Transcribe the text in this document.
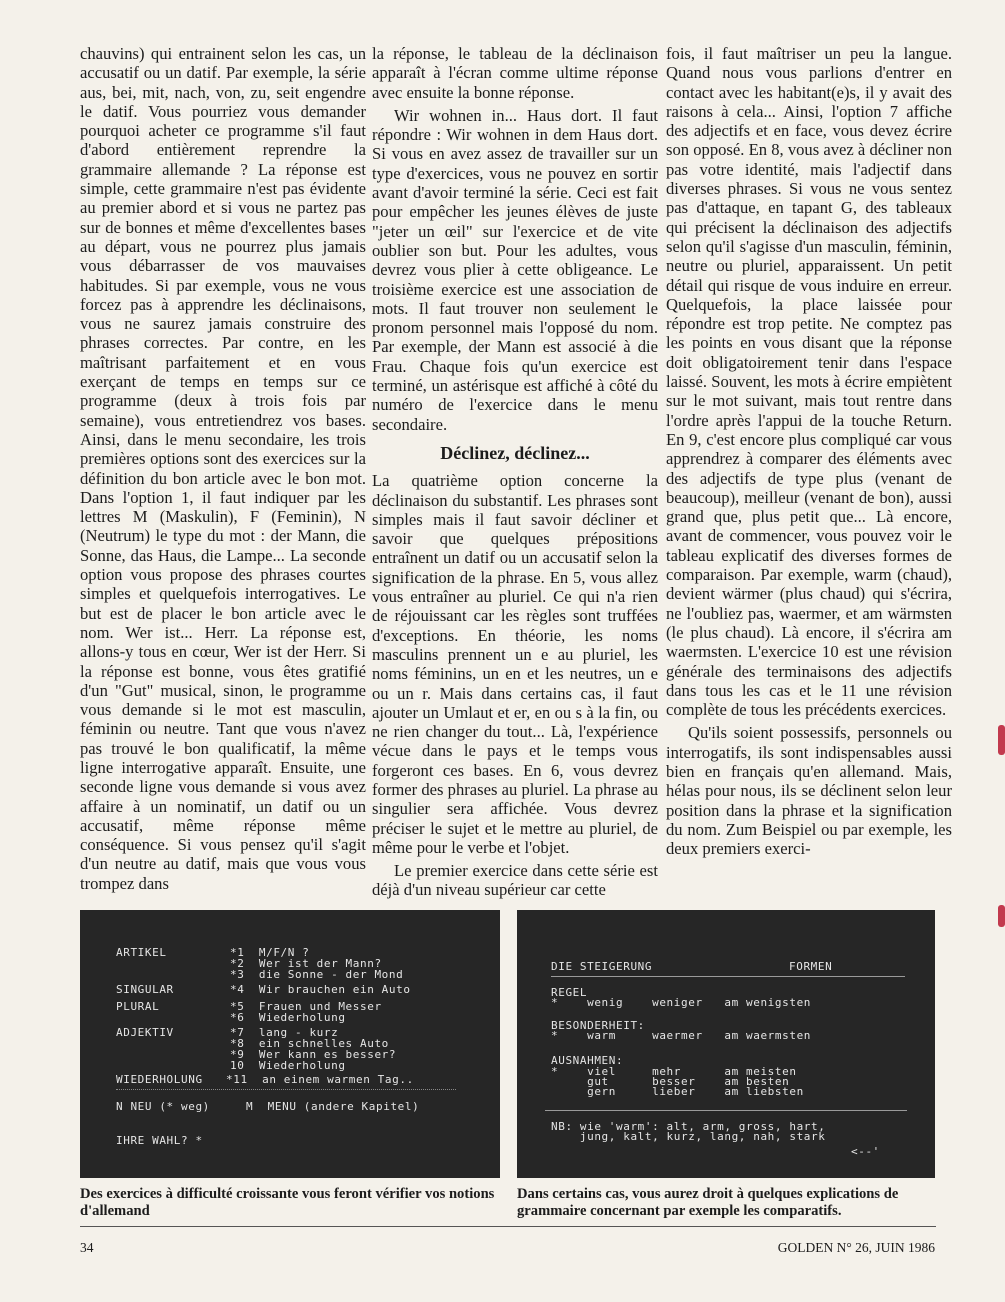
chauvins) qui entrainent selon les cas, un accusatif ou un datif. Par exemple, la série aus, bei, mit, nach, von, zu, seit engendre le datif. Vous pourriez vous demander pourquoi acheter ce programme s'il faut d'abord entièrement reprendre la grammaire allemande ? La réponse est simple, cette grammaire n'est pas évidente au premier abord et si vous ne partez pas sur de bonnes et même d'excellentes bases au départ, vous ne pourrez plus jamais vous débarrasser de vos mauvaises habitudes. Si par exemple, vous ne vous forcez pas à apprendre les déclinaisons, vous ne saurez jamais construire des phrases correctes. Par contre, en les maîtrisant parfaitement et en vous exerçant de temps en temps sur ce programme (deux à trois fois par semaine), vous entretiendrez vos bases. Ainsi, dans le menu secondaire, les trois premières options sont des exercices sur la définition du bon article avec le bon mot. Dans l'option 1, il faut indiquer par les lettres M (Maskulin), F (Feminin), N (Neutrum) le type du mot : der Mann, die Sonne, das Haus, die Lampe... La seconde option vous propose des phrases courtes simples et quelquefois interrogatives. Le but est de placer le bon article avec le nom. Wer ist... Herr. La réponse est, allons-y tous en cœur, Wer ist der Herr. Si la réponse est bonne, vous êtes gratifié d'un "Gut" musical, sinon, le programme vous demande si le mot est masculin, féminin ou neutre. Tant que vous n'avez pas trouvé le bon qualificatif, la même ligne interrogative apparaît. Ensuite, une seconde ligne vous demande si vous avez affaire à un nominatif, un datif ou un accusatif, même réponse même conséquence. Si vous pensez qu'il s'agit d'un neutre au datif, mais que vous vous trompez dans

la réponse, le tableau de la déclinaison apparaît à l'écran comme ultime réponse avec ensuite la bonne réponse.

Wir wohnen in... Haus dort. Il faut répondre : Wir wohnen in dem Haus dort. Si vous en avez assez de travailler sur un type d'exercices, vous ne pouvez en sortir avant d'avoir terminé la série. Ceci est fait pour empêcher les jeunes élèves de juste "jeter un œil" sur l'exercice et de vite oublier son but. Pour les adultes, vous devrez vous plier à cette obligeance. Le troisième exercice est une association de mots. Il faut trouver non seulement le pronom personnel mais l'opposé du nom. Par exemple, der Mann est associé à die Frau. Chaque fois qu'un exercice est terminé, un astérisque est affiché à côté du numéro de l'exercice dans le menu secondaire.

Déclinez, déclinez...

La quatrième option concerne la déclinaison du substantif. Les phrases sont simples mais il faut savoir décliner et savoir que quelques prépositions entraînent un datif ou un accusatif selon la signification de la phrase. En 5, vous allez vous entraîner au pluriel. Ce qui n'a rien de réjouissant car les règles sont truffées d'exceptions. En théorie, les noms masculins prennent un e au pluriel, les noms féminins, un en et les neutres, un e ou un r. Mais dans certains cas, il faut ajouter un Umlaut et er, en ou s à la fin, ou ne rien changer du tout... Là, l'expérience vécue dans le pays et le temps vous forgeront ces bases. En 6, vous devrez former des phrases au pluriel. La phrase au singulier sera affichée. Vous devrez préciser le sujet et le mettre au pluriel, de même pour le verbe et l'objet.

Le premier exercice dans cette série est déjà d'un niveau supérieur car cette

fois, il faut maîtriser un peu la langue. Quand nous vous parlions d'entrer en contact avec les habitant(e)s, il y avait des raisons à cela... Ainsi, l'option 7 affiche des adjectifs et en face, vous devez écrire son opposé. En 8, vous avez à décliner non pas votre identité, mais l'adjectif dans diverses phrases. Si vous ne vous sentez pas d'attaque, en tapant G, des tableaux qui précisent la déclinaison des adjectifs selon qu'il s'agisse d'un masculin, féminin, neutre ou pluriel, apparaissent. Un petit détail qui risque de vous induire en erreur. Quelquefois, la place laissée pour répondre est trop petite. Ne comptez pas les points en vous disant que la réponse doit obligatoirement tenir dans l'espace laissé. Souvent, les mots à écrire empiètent sur le mot suivant, mais tout rentre dans l'ordre après l'appui de la touche Return. En 9, c'est encore plus compliqué car vous apprendrez à comparer des éléments avec des adjectifs de type plus (venant de beaucoup), meilleur (venant de bon), aussi grand que, plus petit que... Là encore, avant de commencer, vous pouvez voir le tableau explicatif des diverses formes de comparaison. Par exemple, warm (chaud), devient wärmer (plus chaud) qui s'écrira, ne l'oubliez pas, waermer, et am wärmsten (le plus chaud). Là encore, il s'écrira am waermsten. L'exercice 10 est une révision générale des terminaisons des adjectifs dans tous les cas et le 11 une révision complète de tous les précédents exercices.

Qu'ils soient possessifs, personnels ou interrogatifs, ils sont indispensables aussi bien en français qu'en allemand. Mais, hélas pour nous, ils se déclinent selon leur position dans la phrase et la signification du nom. Zum Beispiel ou par exemple, les deux premiers exerci-

ARTIKEL	*1  M/F/N ?
*2  Wer ist der Mann?
*3  die Sonne - der Mond
SINGULAR	*4  Wir brauchen ein Auto
PLURAL	*5  Frauen und Messer
*6  Wiederholung
ADJEKTIV	*7  lang - kurz
*8  ein schnelles Auto
*9  Wer kann es besser?
10  Wiederholung
WIEDERHOLUNG *11  an einem warmen Tag..
N NEU (* weg)	M  MENU (andere Kapitel)
IHRE WAHL? *
DIE STEIGERUNG	FORMEN
REGEL
*    wenig    weniger   am wenigsten
BESONDERHEIT:
*    warm     waermer   am waermsten
AUSNAHMEN:
*    viel     mehr      am meisten
gut      besser    am besten
gern     lieber    am liebsten
NB: wie 'warm': alt, arm, gross, hart,
jung, kalt, kurz, lang, nah, stark
<--'
Des exercices à difficulté croissante vous feront vérifier vos notions d'allemand
Dans certains cas, vous aurez droit à quelques explications de grammaire concernant par exemple les comparatifs.
34	GOLDEN N° 26, JUIN 1986
